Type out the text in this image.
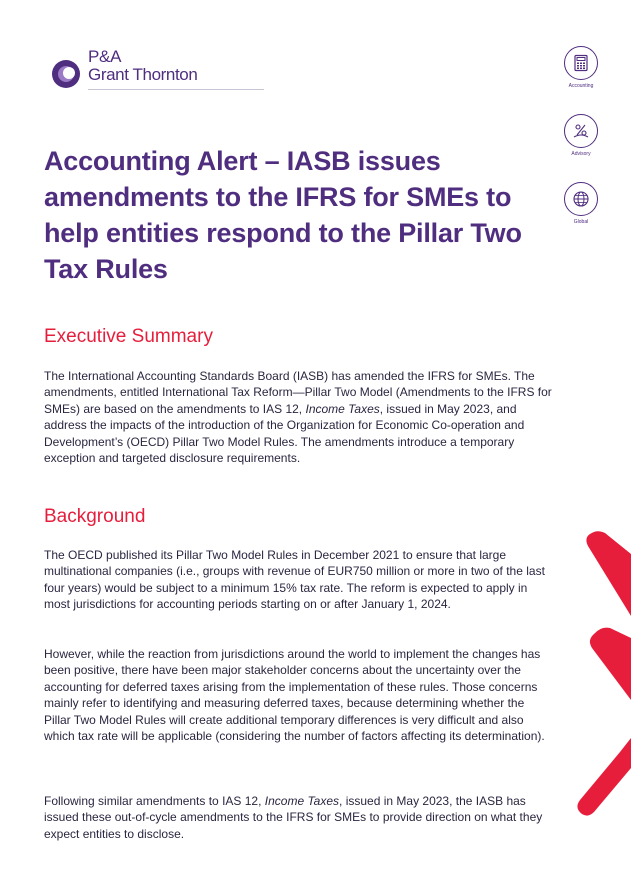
P&A
Grant Thornton
Accounting
Advisory
Global
Accounting Alert – IASB issues amendments to the IFRS for SMEs to help entities respond to the Pillar Two Tax Rules
Executive Summary

The International Accounting Standards Board (IASB) has amended the IFRS for SMEs. The amendments, entitled International Tax Reform—Pillar Two Model (Amendments to the IFRS for SMEs) are based on the amendments to IAS 12, Income Taxes, issued in May 2023, and address the impacts of the introduction of the Organization for Economic Co-operation and Development’s (OECD) Pillar Two Model Rules. The amendments introduce a temporary exception and targeted disclosure requirements.

Background

The OECD published its Pillar Two Model Rules in December 2021 to ensure that large multinational companies (i.e., groups with revenue of EUR750 million or more in two of the last four years) would be subject to a minimum 15% tax rate. The reform is expected to apply in most jurisdictions for accounting periods starting on or after January 1, 2024.

However, while the reaction from jurisdictions around the world to implement the changes has been positive, there have been major stakeholder concerns about the uncertainty over the accounting for deferred taxes arising from the implementation of these rules. Those concerns mainly refer to identifying and measuring deferred taxes, because determining whether the Pillar Two Model Rules will create additional temporary differences is very difficult and also which tax rate will be applicable (considering the number of factors affecting its determination).

Following similar amendments to IAS 12, Income Taxes, issued in May 2023, the IASB has issued these out-of-cycle amendments to the IFRS for SMEs to provide direction on what they expect entities to disclose.
